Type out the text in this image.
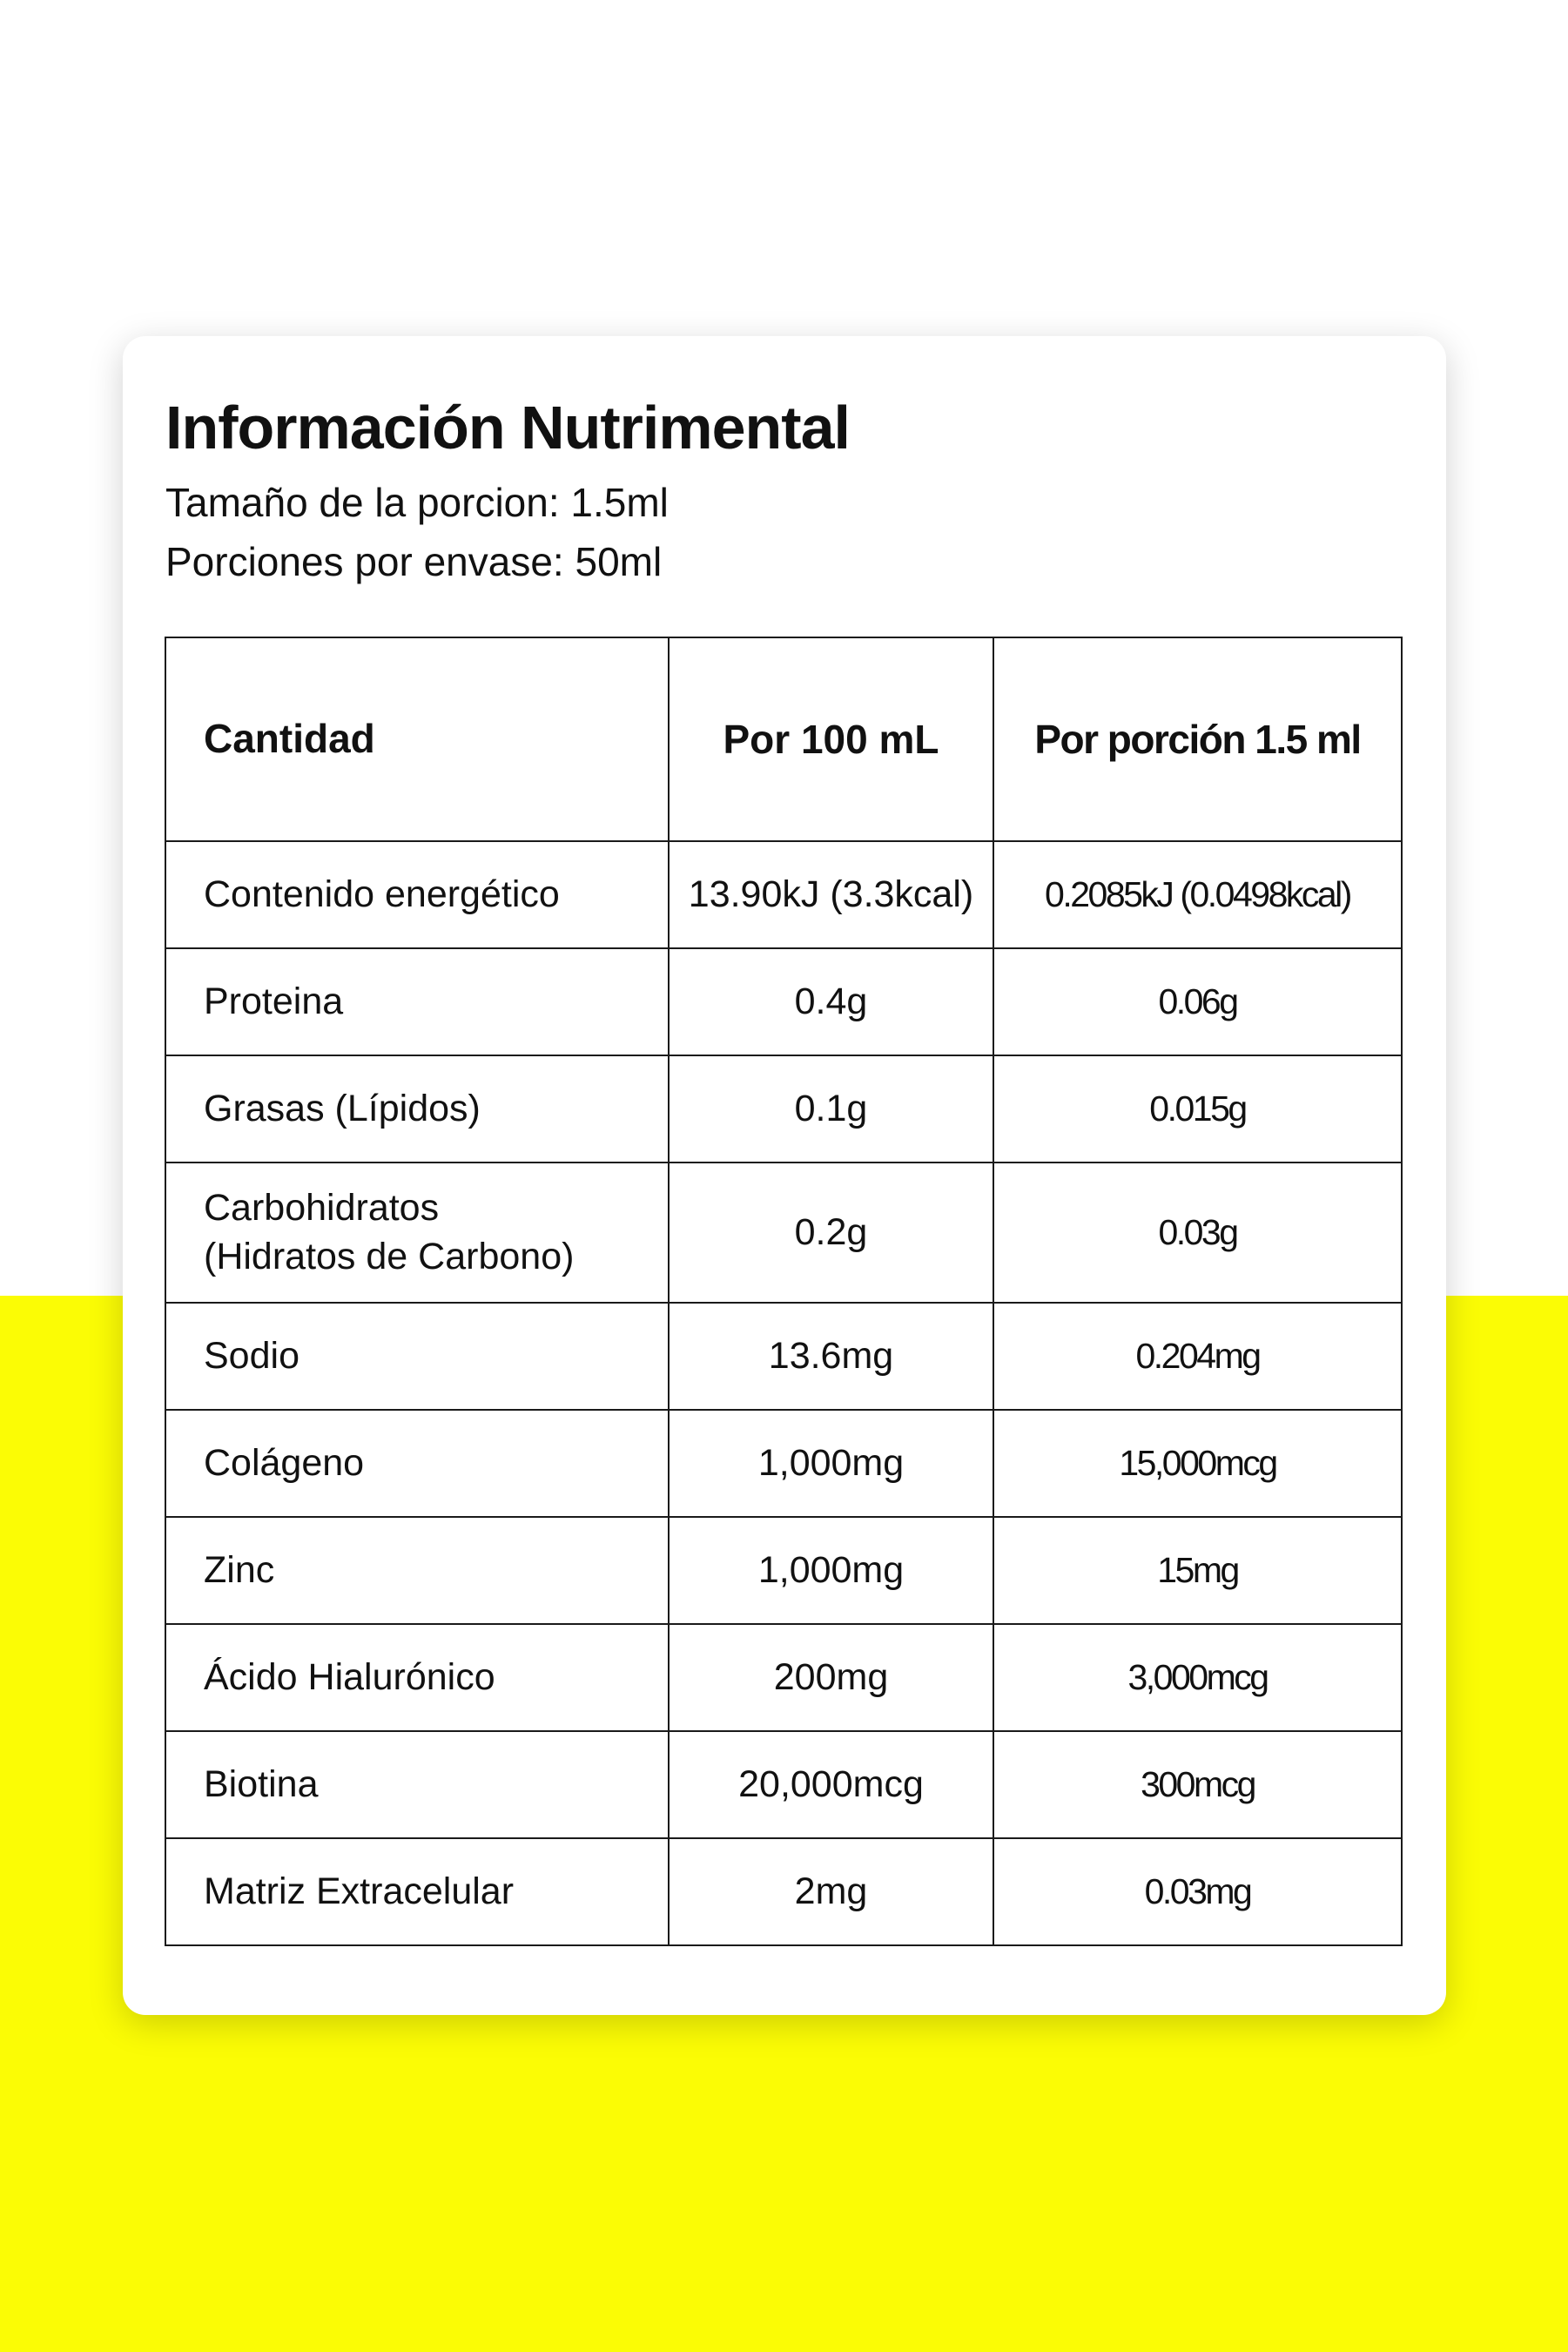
Información Nutrimental

Tamaño de la porcion: 1.5ml

Porciones por envase: 50ml

Cantidad	Por 100 mL	Por porción 1.5 ml

Contenido energético	13.90kJ (3.3kcal)	0.2085kJ (0.0498kcal)

Proteina	0.4g	0.06g

Grasas (Lípidos)	0.1g	0.015g

Carbohidratos
(Hidratos de Carbono)	0.2g	0.03g

Sodio	13.6mg	0.204mg

Colágeno	1,000mg	15,000mcg

Zinc	1,000mg	15mg

Ácido Hialurónico	200mg	3,000mcg

Biotina	20,000mcg	300mcg

Matriz Extracelular	2mg	0.03mg
